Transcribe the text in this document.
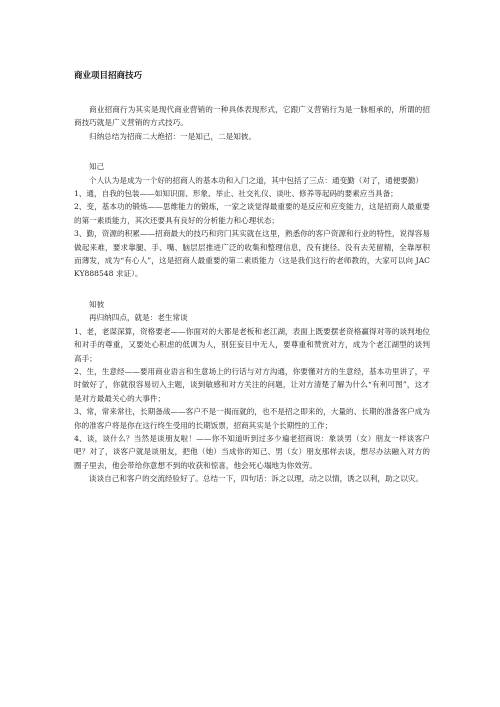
商业项目招商技巧

商业招商行为其实是现代商业营销的一种具体表现形式，它跟广义营销行为是一脉相承的，所谓的招商技巧就是广义营销的方式技巧。

归纳总结为招商二大绝招：一是知己，二是知彼。

知己

个人认为是成为一个好的招商人的基本功和入门之道，其中包括了三点：通变勤（对了，通便要勤）

1、通，自我的包装——如知识面、形象、举止、社交礼仪、谈吐、修养等起码的要素应当具备；

2、变，基本功的锻炼——思维能力的锻炼，一家之谈觉得最重要的是反应和应变能力，这是招商人最重要的第一素质能力，其次还要具有良好的分析能力和心理状态；

3、勤，资源的积累——招商最大的技巧和窍门其实就在这里，熟悉你的客户资源和行业的特性，说得容易做起来难，要求靠腿、手、嘴、脑层层推进广泛的收集和整理信息，没有捷径、没有去芜留精，全靠厚积而薄发，成为“有心人”，这是招商人最重要的第二素质能力（这是我们这行的老师教的，大家可以向 JACKY888548 求证）。

知彼

再归纳四点，就是：老生常谈

1、老，老谋深算，资格要老——你面对的大都是老板和老江湖，表面上既要摆老资格赢得对等的谈判地位和对手的尊重，又要处心积虑的低调为人，别狂妄目中无人，要尊重和赞赏对方，成为个老江湖型的谈判高手；

2、生，生意经——要用商业语言和生意场上的行话与对方沟通，你要懂对方的生意经，基本功里讲了，平时做好了，你就很容易切入主题，谈到敏感和对方关注的问题，让对方清楚了解为什么“有利可图”，这才是对方最最关心的大事件；

3、常，常来常往，长期备战——客户不是一揭而就的，也不是招之即来的，大量的、长期的准备客户成为你的准客户将是你在这行终生受用的长期饭票，招商其实是个长期性的工作；

4、谈，谈什么？当然是谈朋友啦！——你不知道听到过多少遍老招商说：象谈男（女）朋友一样谈客户吧？对了，谈客户就是谈朋友，把他（她）当成你的知己、男（女）朋友那样去谈，想尽办法融入对方的圈子里去，他会带给你意想不到的收获和惊喜，他会死心塌地为你效劳。

谈谈自己和客户的交流经验好了。总结一下，四句话：诉之以理，动之以情，诱之以利，助之以灾。
